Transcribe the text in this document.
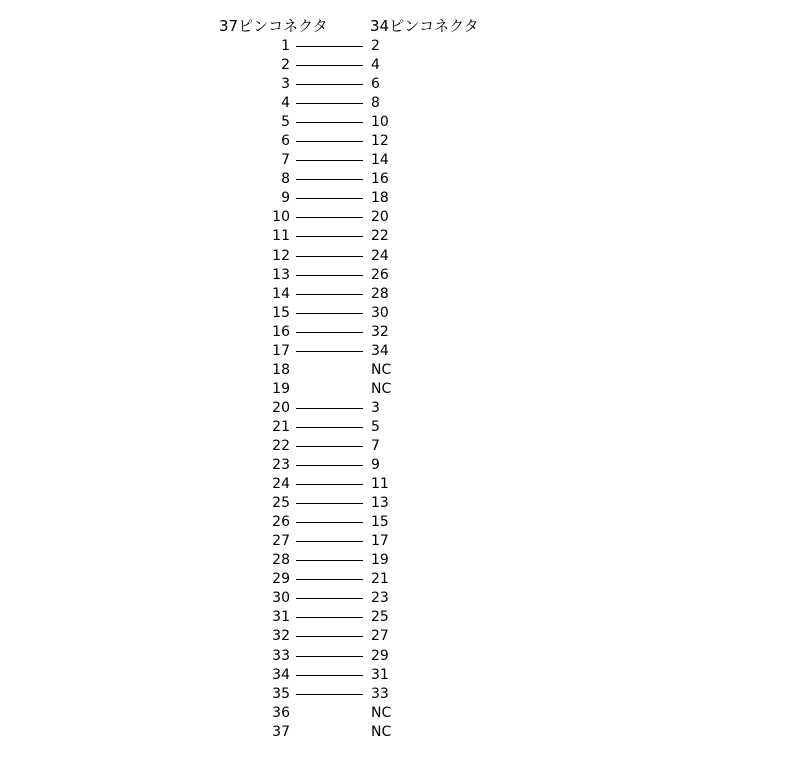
37ピンコネクタ	34ピンコネクタ
1	2
2	4
3	6
4	8
5	10
6	12
7	14
8	16
9	18
10	20
11	22
12	24
13	26
14	28
15	30
16	32
17	34
18	NC
19	NC
20	3
21	5
22	7
23	9
24	11
25	13
26	15
27	17
28	19
29	21
30	23
31	25
32	27
33	29
34	31
35	33
36	NC
37	NC
